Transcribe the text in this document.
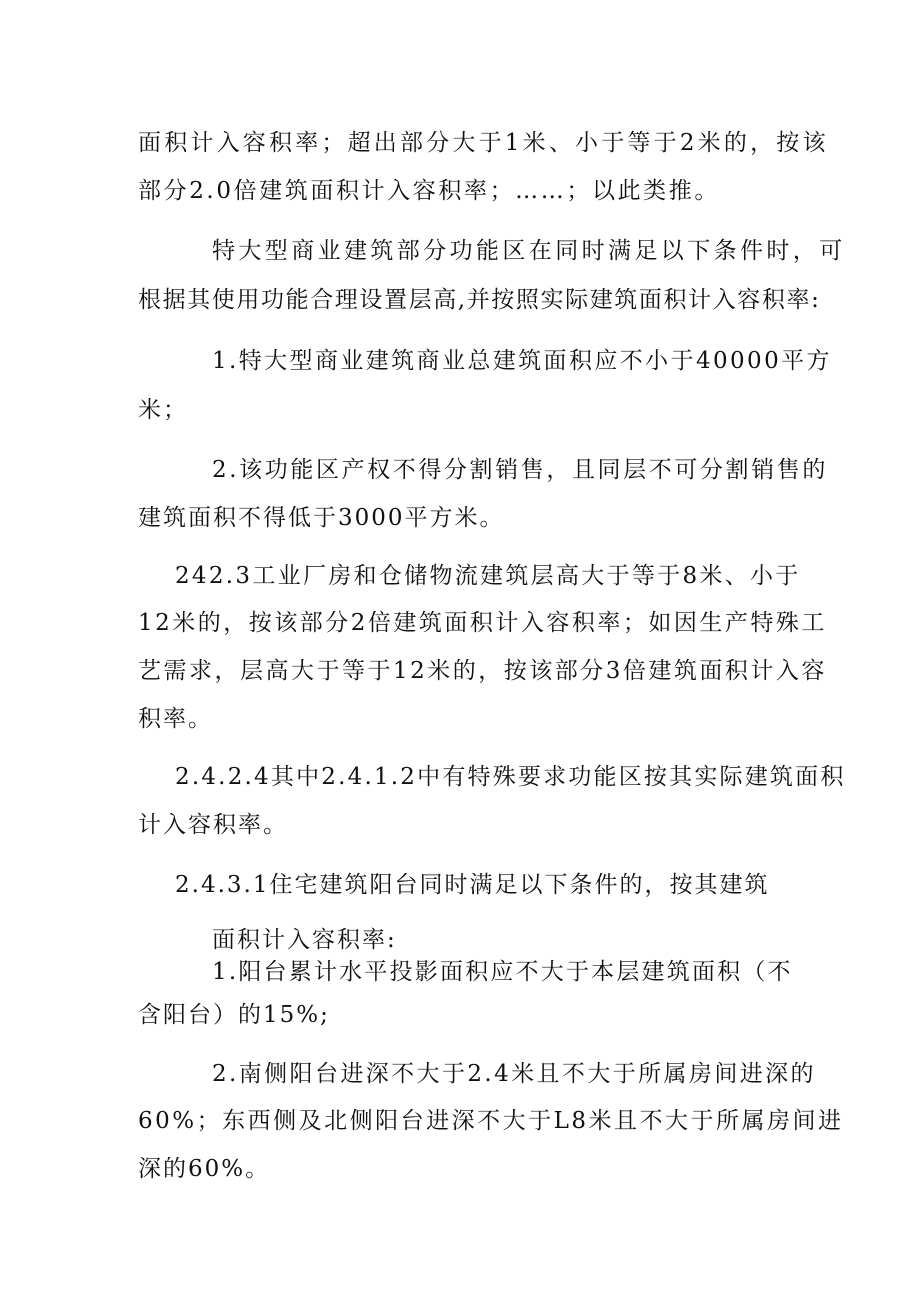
面积计入容积率；超出部分大于1米、小于等于2米的，按该
部分2.0倍建筑面积计入容积率；……；以此类推。
特大型商业建筑部分功能区在同时满足以下条件时，可
根据其使用功能合理设置层高,并按照实际建筑面积计入容积率:
1.特大型商业建筑商业总建筑面积应不小于40000平方
米；
2.该功能区产权不得分割销售，且同层不可分割销售的
建筑面积不得低于3000平方米。
242.3工业厂房和仓储物流建筑层高大于等于8米、小于
12米的，按该部分2倍建筑面积计入容积率；如因生产特殊工
艺需求，层高大于等于12米的，按该部分3倍建筑面积计入容
积率。
2.4.2.4其中2.4.1.2中有特殊要求功能区按其实际建筑面积
计入容积率。
2.4.3.1住宅建筑阳台同时满足以下条件的，按其建筑
面积计入容积率:
1.阳台累计水平投影面积应不大于本层建筑面积（不
含阳台）的15%;
2.南侧阳台进深不大于2.4米且不大于所属房间进深的
60%；东西侧及北侧阳台进深不大于L8米且不大于所属房间进
深的60%。
